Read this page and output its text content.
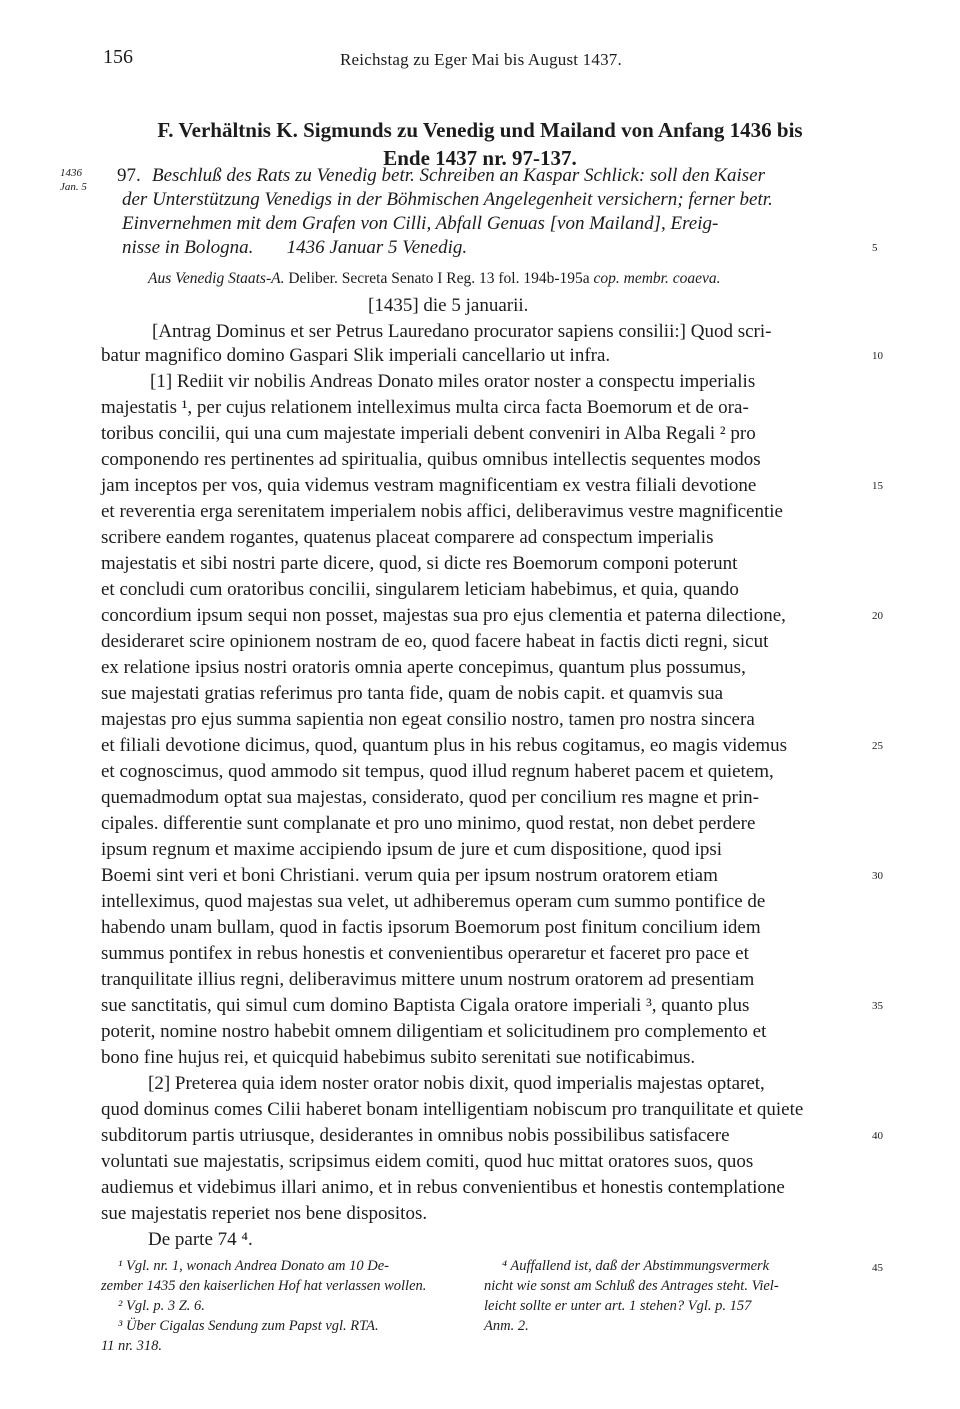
156	Reichstag zu Eger Mai bis August 1437.
F. Verhältnis K. Sigmunds zu Venedig und Mailand von Anfang 1436 bis
Ende 1437 nr. 97-137.
1436
Jan. 5
97. Beschluß des Rats zu Venedig betr. Schreiben an Kaspar Schlick: soll den Kaiser
der Unterstützung Venedigs in der Böhmischen Angelegenheit versichern; ferner betr.
Einvernehmen mit dem Grafen von Cilli, Abfall Genuas [von Mailand], Ereig-
nisse in Bologna.       1436 Januar 5 Venedig.
Aus Venedig Staats-A. Deliber. Secreta Senato I Reg. 13 fol. 194b-195a cop. membr. coaeva.
[1435] die 5 januarii.
[Antrag Dominus et ser Petrus Lauredano procurator sapiens consilii:] Quod scri-
batur magnifico domino Gaspari Slik imperiali cancellario ut infra.
[1] Rediit vir nobilis Andreas Donato miles orator noster a conspectu imperialis
majestatis ¹, per cujus relationem intelleximus multa circa facta Boemorum et de ora-
toribus concilii, qui una cum majestate imperiali debent conveniri in Alba Regali ² pro
componendo res pertinentes ad spiritualia, quibus omnibus intellectis sequentes modos
jam inceptos per vos, quia videmus vestram magnificentiam ex vestra filiali devotione
et reverentia erga serenitatem imperialem nobis affici, deliberavimus vestre magnificentie
scribere eandem rogantes, quatenus placeat comparere ad conspectum imperialis
majestatis et sibi nostri parte dicere, quod, si dicte res Boemorum componi poterunt
et concludi cum oratoribus concilii, singularem leticiam habebimus, et quia, quando
concordium ipsum sequi non posset, majestas sua pro ejus clementia et paterna dilectione,
desideraret scire opinionem nostram de eo, quod facere habeat in factis dicti regni, sicut
ex relatione ipsius nostri oratoris omnia aperte concepimus, quantum plus possumus,
sue majestati gratias referimus pro tanta fide, quam de nobis capit. et quamvis sua
majestas pro ejus summa sapientia non egeat consilio nostro, tamen pro nostra sincera
et filiali devotione dicimus, quod, quantum plus in his rebus cogitamus, eo magis videmus
et cognoscimus, quod ammodo sit tempus, quod illud regnum haberet pacem et quietem,
quemadmodum optat sua majestas, considerato, quod per concilium res magne et prin-
cipales. differentie sunt complanate et pro uno minimo, quod restat, non debet perdere
ipsum regnum et maxime accipiendo ipsum de jure et cum dispositione, quod ipsi
Boemi sint veri et boni Christiani. verum quia per ipsum nostrum oratorem etiam
intelleximus, quod majestas sua velet, ut adhiberemus operam cum summo pontifice de
habendo unam bullam, quod in factis ipsorum Boemorum post finitum concilium idem
summus pontifex in rebus honestis et convenientibus operaretur et faceret pro pace et
tranquilitate illius regni, deliberavimus mittere unum nostrum oratorem ad presentiam
sue sanctitatis, qui simul cum domino Baptista Cigala oratore imperiali ³, quanto plus
poterit, nomine nostro habebit omnem diligentiam et solicitudinem pro complemento et
bono fine hujus rei, et quicquid habebimus subito serenitati sue notificabimus.
[2] Preterea quia idem noster orator nobis dixit, quod imperialis majestas optaret,
quod dominus comes Cilii haberet bonam intelligentiam nobiscum pro tranquilitate et quiete
subditorum partis utriusque, desiderantes in omnibus nobis possibilibus satisfacere
voluntati sue majestatis, scripsimus eidem comiti, quod huc mittat oratores suos, quos
audiemus et videbimus illari animo, et in rebus convenientibus et honestis contemplatione
sue majestatis reperiet nos bene dispositos.
De parte 74 ⁴.
5
10
15
20
25
30
35
40
45
¹ Vgl. nr. 1, wonach Andrea Donato am 10 De-
zember 1435 den kaiserlichen Hof hat verlassen wollen.
² Vgl. p. 3 Z. 6.
³ Über Cigalas Sendung zum Papst vgl. RTA.
11 nr. 318.
⁴ Auffallend ist, daß der Abstimmungsvermerk
nicht wie sonst am Schluß des Antrages steht. Viel-
leicht sollte er unter art. 1 stehen? Vgl. p. 157
Anm. 2.
